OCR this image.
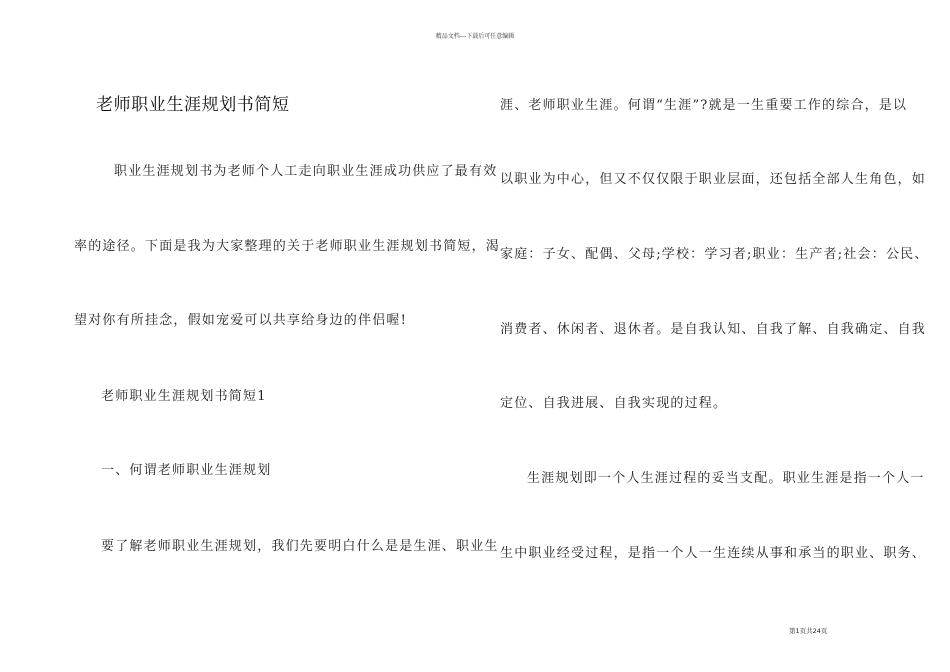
精品文档---下载后可任意编辑
老师职业生涯规划书简短
职业生涯规划书为老师个人工走向职业生涯成功供应了最有效
率的途径。下面是我为大家整理的关于老师职业生涯规划书简短，渴
望对你有所挂念，假如宠爱可以共享给身边的伴侣喔!
老师职业生涯规划书简短1
一、何谓老师职业生涯规划
要了解老师职业生涯规划，我们先要明白什么是是生涯、职业生
涯、老师职业生涯。何谓“生涯”?就是一生重要工作的综合，是以
以职业为中心，但又不仅仅限于职业层面，还包括全部人生角色，如
家庭：子女、配偶、父母;学校：学习者;职业：生产者;社会：公民、
消费者、休闲者、退休者。是自我认知、自我了解、自我确定、自我
定位、自我进展、自我实现的过程。
生涯规划即一个人生涯过程的妥当支配。职业生涯是指一个人一
生中职业经受过程，是指一个人一生连续从事和承当的职业、职务、
第1页共24页
